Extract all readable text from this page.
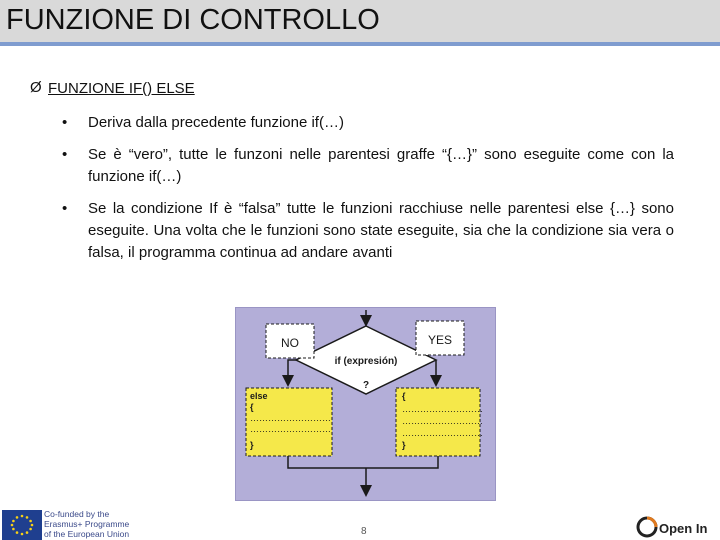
FUNZIONE DI CONTROLLO
Ø FUNZIONE IF() ELSE
• Deriva dalla precedente funzione if(…)
• Se è “vero”, tutte le funzoni nelle parentesi graffe “{…}” sono eseguite come con la funzione if(…)
• Se la condizione If è “falsa” tutte le funzioni racchiuse nelle parentesi else {…} sono eseguite. Una volta che le funzioni sono state eseguite, sia che la condizione sia vera o falsa, il programma continua ad andare avanti
if (expresión)
?
NO	YES
else
{
………………………
………………………
}
{
………………………
………………………
………………………
}
8
Co-funded by the
Erasmus+ Programme
of the European Union	Open In
